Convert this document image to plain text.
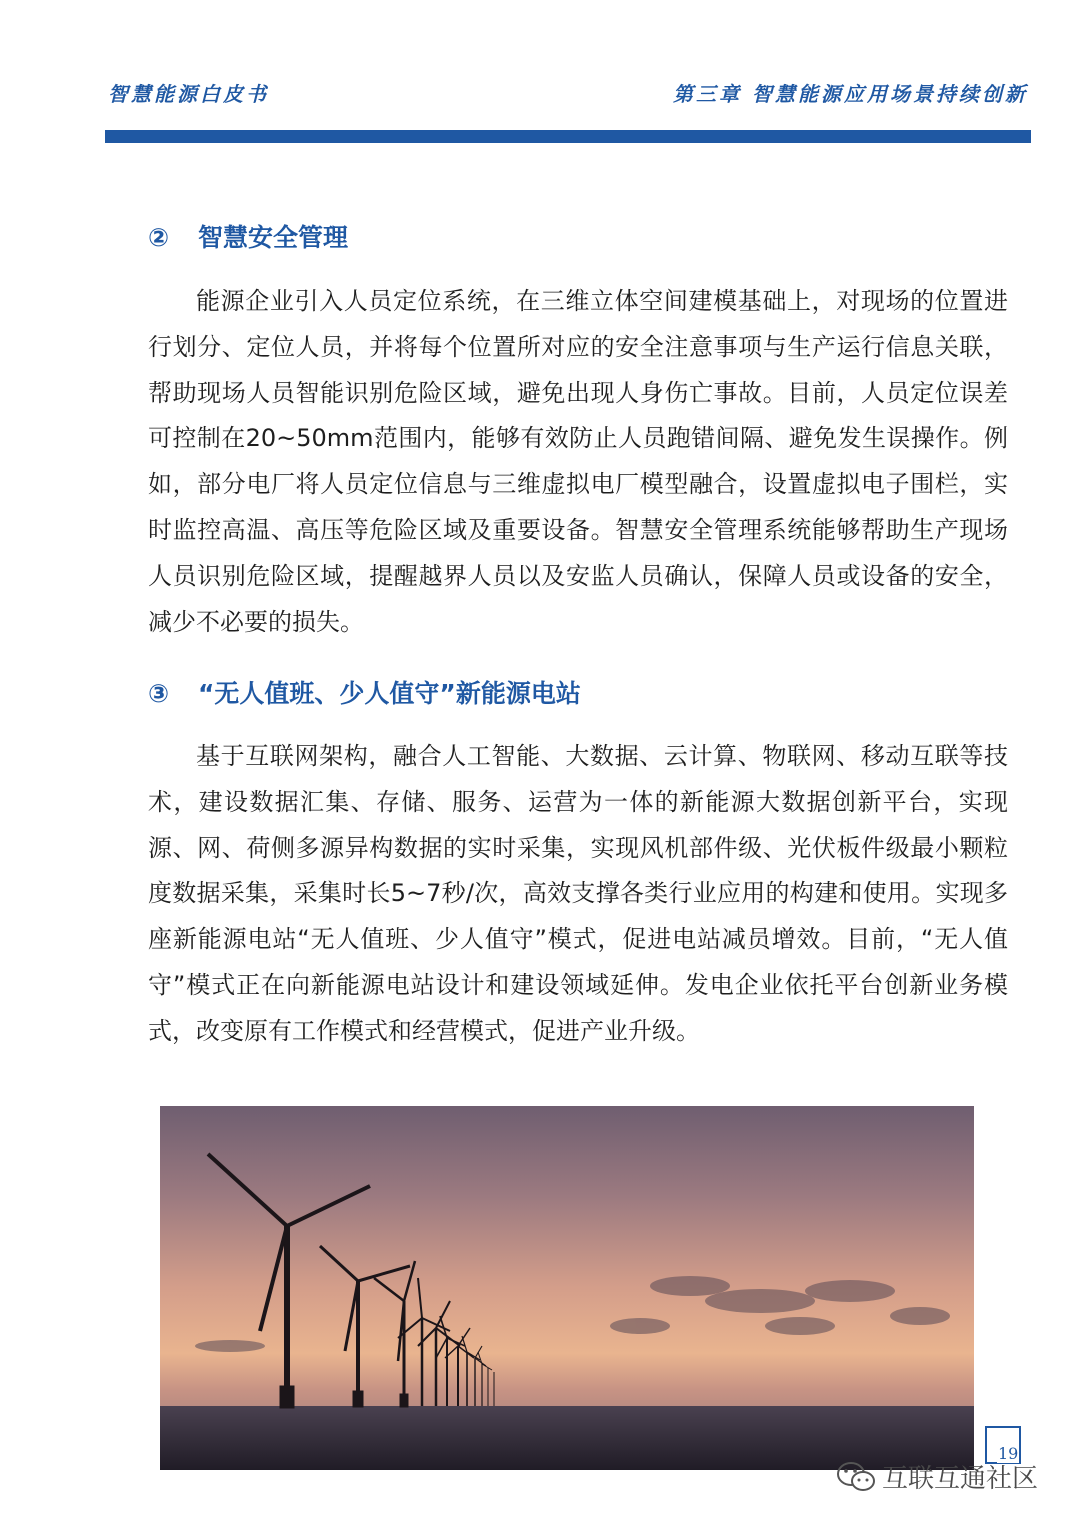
智慧能源白皮书	第三章 智慧能源应用场景持续创新
② 智慧安全管理

能源企业引入人员定位系统，在三维立体空间建模基础上，对现场的位置进行划分、定位人员，并将每个位置所对应的安全注意事项与生产运行信息关联，帮助现场人员智能识别危险区域，避免出现人身伤亡事故。目前，人员定位误差可控制在20~50mm范围内，能够有效防止人员跑错间隔、避免发生误操作。例如，部分电厂将人员定位信息与三维虚拟电厂模型融合，设置虚拟电子围栏，实时监控高温、高压等危险区域及重要设备。智慧安全管理系统能够帮助生产现场人员识别危险区域，提醒越界人员以及安监人员确认，保障人员或设备的安全，减少不必要的损失。

③ “无人值班、少人值守”新能源电站

基于互联网架构，融合人工智能、大数据、云计算、物联网、移动互联等技术，建设数据汇集、存储、服务、运营为一体的新能源大数据创新平台，实现源、网、荷侧多源异构数据的实时采集，实现风机部件级、光伏板件级最小颗粒度数据采集，采集时长5~7秒/次，高效支撑各类行业应用的构建和使用。实现多座新能源电站“无人值班、少人值守”模式，促进电站减员增效。目前，“无人值守”模式正在向新能源电站设计和建设领域延伸。发电企业依托平台创新业务模式，改变原有工作模式和经营模式，促进产业升级。

19
互联互通社区
